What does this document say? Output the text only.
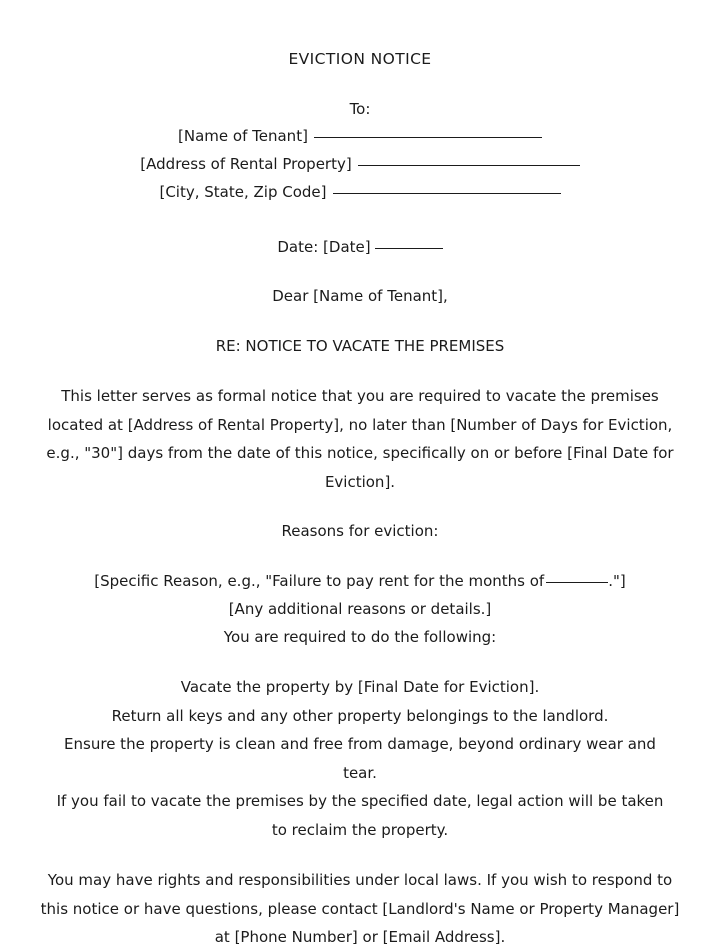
EVICTION NOTICE
To:
[Name of Tenant]
[Address of Rental Property]
[City, State, Zip Code]
Date: [Date]
Dear [Name of Tenant],
RE: NOTICE TO VACATE THE PREMISES
This letter serves as formal notice that you are required to vacate the premises located at [Address of Rental Property], no later than [Number of Days for Eviction, e.g., "30"] days from the date of this notice, specifically on or before [Final Date for Eviction].
Reasons for eviction:
[Specific Reason, e.g., "Failure to pay rent for the months of	."]
[Any additional reasons or details.]
You are required to do the following:
Vacate the property by [Final Date for Eviction].
Return all keys and any other property belongings to the landlord.
Ensure the property is clean and free from damage, beyond ordinary wear and tear.
If you fail to vacate the premises by the specified date, legal action will be taken to reclaim the property.
You may have rights and responsibilities under local laws. If you wish to respond to this notice or have questions, please contact [Landlord's Name or Property Manager] at [Phone Number] or [Email Address].
